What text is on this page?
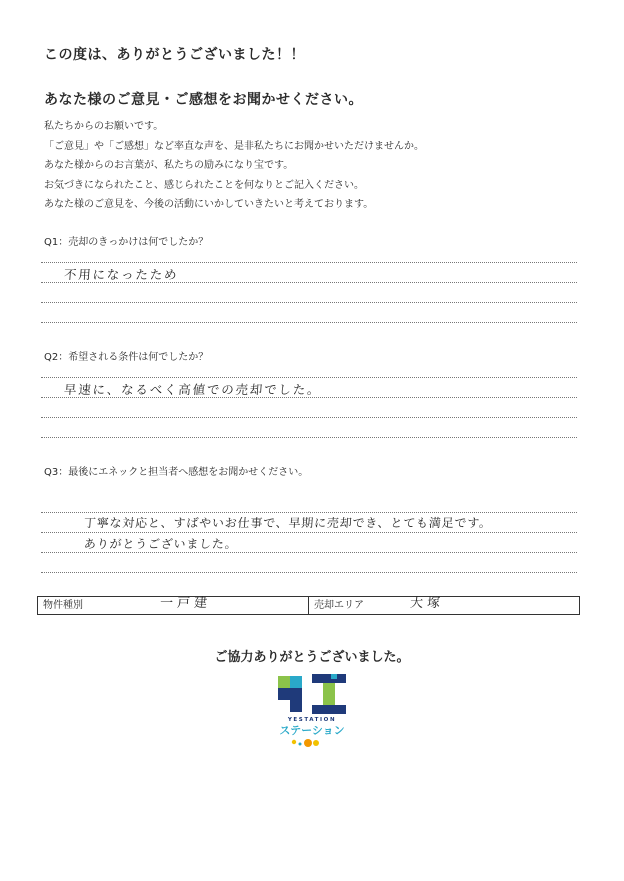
この度は、ありがとうございました！！
あなた様のご意見・ご感想をお聞かせください。
私たちからのお願いです。
「ご意見」や「ご感想」など率直な声を、是非私たちにお聞かせいただけませんか。
あなた様からのお言葉が、私たちの励みになり宝です。
お気づきになられたこと、感じられたことを何なりとご記入ください。
あなた様のご意見を、今後の活動にいかしていきたいと考えております。
Q1：売却のきっかけは何でしたか？
不用になったため
Q2：希望される条件は何でしたか？
早速に、なるべく高値での売却でした。
Q3：最後にエネックと担当者へ感想をお聞かせください。
丁寧な対応と、すばやいお仕事で、早期に売却でき、とても満足です。
ありがとうございました。
物件種別	一戸建	売却エリア	大塚
ご協力ありがとうございました。
YESTATION
ステーション
